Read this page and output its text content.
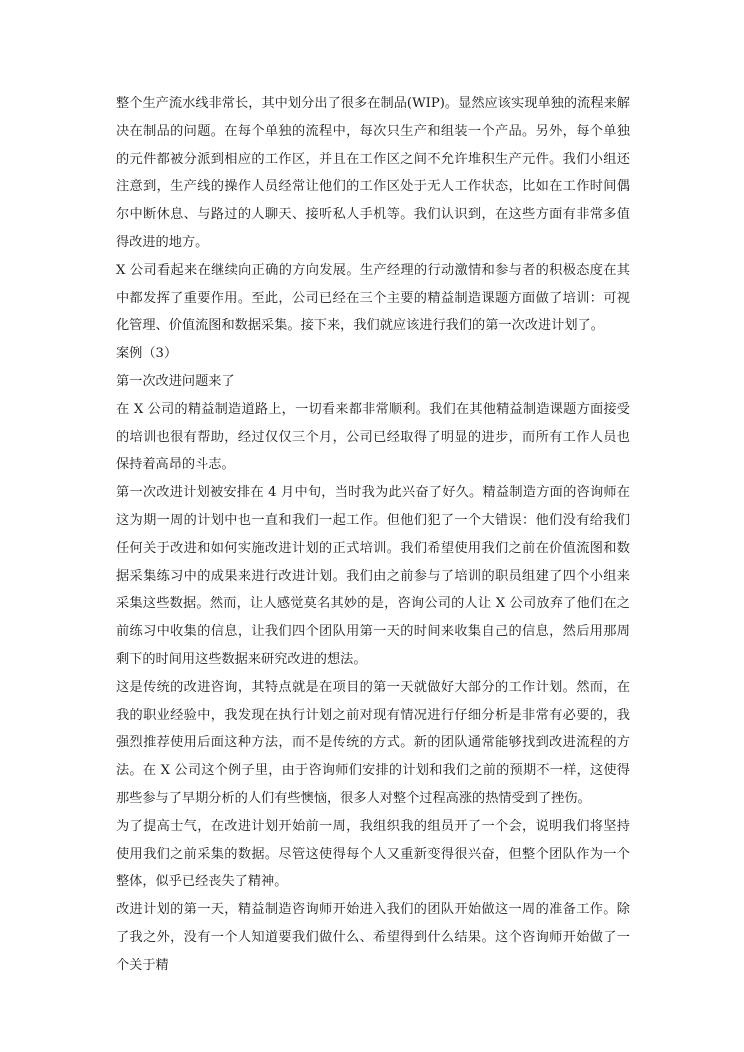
整个生产流水线非常长，其中划分出了很多在制品(WIP)。显然应该实现单独的流程来解决在制品的问题。在每个单独的流程中，每次只生产和组装一个产品。另外，每个单独的元件都被分派到相应的工作区，并且在工作区之间不允许堆积生产元件。我们小组还注意到，生产线的操作人员经常让他们的工作区处于无人工作状态，比如在工作时间偶尔中断休息、与路过的人聊天、接听私人手机等。我们认识到，在这些方面有非常多值得改进的地方。

X 公司看起来在继续向正确的方向发展。生产经理的行动激情和参与者的积极态度在其中都发挥了重要作用。至此，公司已经在三个主要的精益制造课题方面做了培训：可视化管理、价值流图和数据采集。接下来，我们就应该进行我们的第一次改进计划了。

案例（3）

第一次改进问题来了

在 X 公司的精益制造道路上，一切看来都非常顺利。我们在其他精益制造课题方面接受的培训也很有帮助，经过仅仅三个月，公司已经取得了明显的进步，而所有工作人员也保持着高昂的斗志。

第一次改进计划被安排在 4 月中旬，当时我为此兴奋了好久。精益制造方面的咨询师在这为期一周的计划中也一直和我们一起工作。但他们犯了一个大错误：他们没有给我们任何关于改进和如何实施改进计划的正式培训。我们希望使用我们之前在价值流图和数据采集练习中的成果来进行改进计划。我们由之前参与了培训的职员组建了四个小组来采集这些数据。然而，让人感觉莫名其妙的是，咨询公司的人让 X 公司放弃了他们在之前练习中收集的信息，让我们四个团队用第一天的时间来收集自己的信息，然后用那周剩下的时间用这些数据来研究改进的想法。

这是传统的改进咨询，其特点就是在项目的第一天就做好大部分的工作计划。然而，在我的职业经验中，我发现在执行计划之前对现有情况进行仔细分析是非常有必要的，我强烈推荐使用后面这种方法，而不是传统的方式。新的团队通常能够找到改进流程的方法。在 X 公司这个例子里，由于咨询师们安排的计划和我们之前的预期不一样，这使得那些参与了早期分析的人们有些懊恼，很多人对整个过程高涨的热情受到了挫伤。

为了提高士气，在改进计划开始前一周，我组织我的组员开了一个会，说明我们将坚持使用我们之前采集的数据。尽管这使得每个人又重新变得很兴奋，但整个团队作为一个整体，似乎已经丧失了精神。

改进计划的第一天，精益制造咨询师开始进入我们的团队开始做这一周的准备工作。除了我之外，没有一个人知道要我们做什么、希望得到什么结果。这个咨询师开始做了一个关于精
